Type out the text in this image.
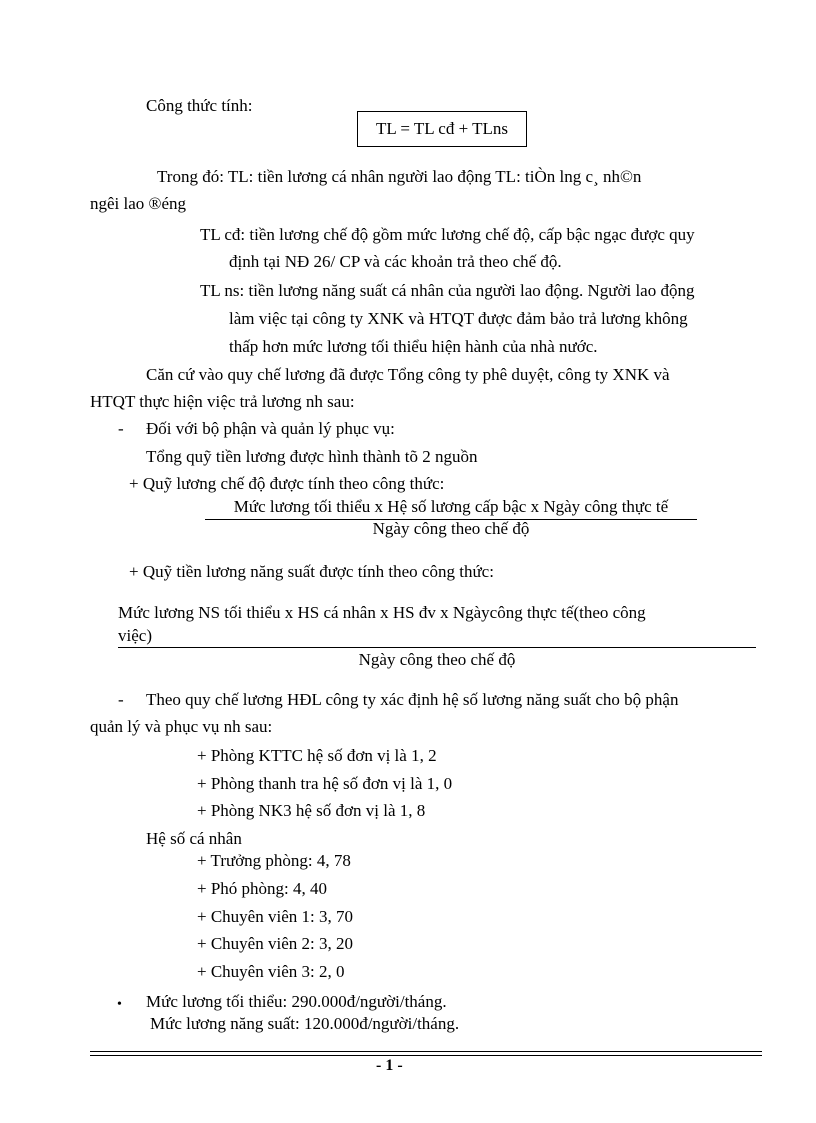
Công thức tính:
TL = TL cđ + TLns
Trong đó: TL: tiền lương cá nhân người lao động TL: tiÒn lng c¸ nh©n
ngêi lao ®éng
TL cđ: tiền lương chế độ gồm mức lương chế độ, cấp bậc ngạc được quy
định tại NĐ 26/ CP và các khoản trả theo chế độ.
TL ns: tiền lương năng suất cá nhân của người lao động. Người lao động
làm việc tại công ty XNK và HTQT được đảm bảo trả lương không
thấp hơn mức lương tối thiểu hiện hành của nhà nước.
Căn cứ vào quy chế lương đã được Tổng công ty phê duyệt, công ty XNK và
HTQT thực hiện việc trả lương nh sau:
- Đối với bộ phận và quản lý phục vụ:
Tổng quỹ tiền lương được hình thành tõ 2 nguồn
+ Quỹ lương chế độ được tính theo công thức:
Mức lương tối thiểu x Hệ số lương cấp bậc x Ngày công thực tế
Ngày công theo chế độ
+ Quỹ tiền lương năng suất được tính theo công thức:
Mức lương NS tối thiểu x HS cá nhân x HS đv x Ngàycông thực tế(theo công
việc)
Ngày công theo chế độ
- Theo quy chế lương HĐL công ty xác định hệ số lương năng suất cho bộ phận
quản lý và phục vụ nh sau:
+ Phòng KTTC hệ số đơn vị là 1, 2
+ Phòng thanh tra hệ số đơn vị là 1, 0
+ Phòng NK3 hệ số đơn vị là 1, 8
Hệ số cá nhân
+ Trưởng phòng: 4, 78
+ Phó phòng: 4, 40
+ Chuyên viên 1: 3, 70
+ Chuyên viên 2: 3, 20
+ Chuyên viên 3: 2, 0
• Mức lương tối thiểu: 290.000đ/người/tháng.
Mức lương năng suất: 120.000đ/người/tháng.
- 1 -
